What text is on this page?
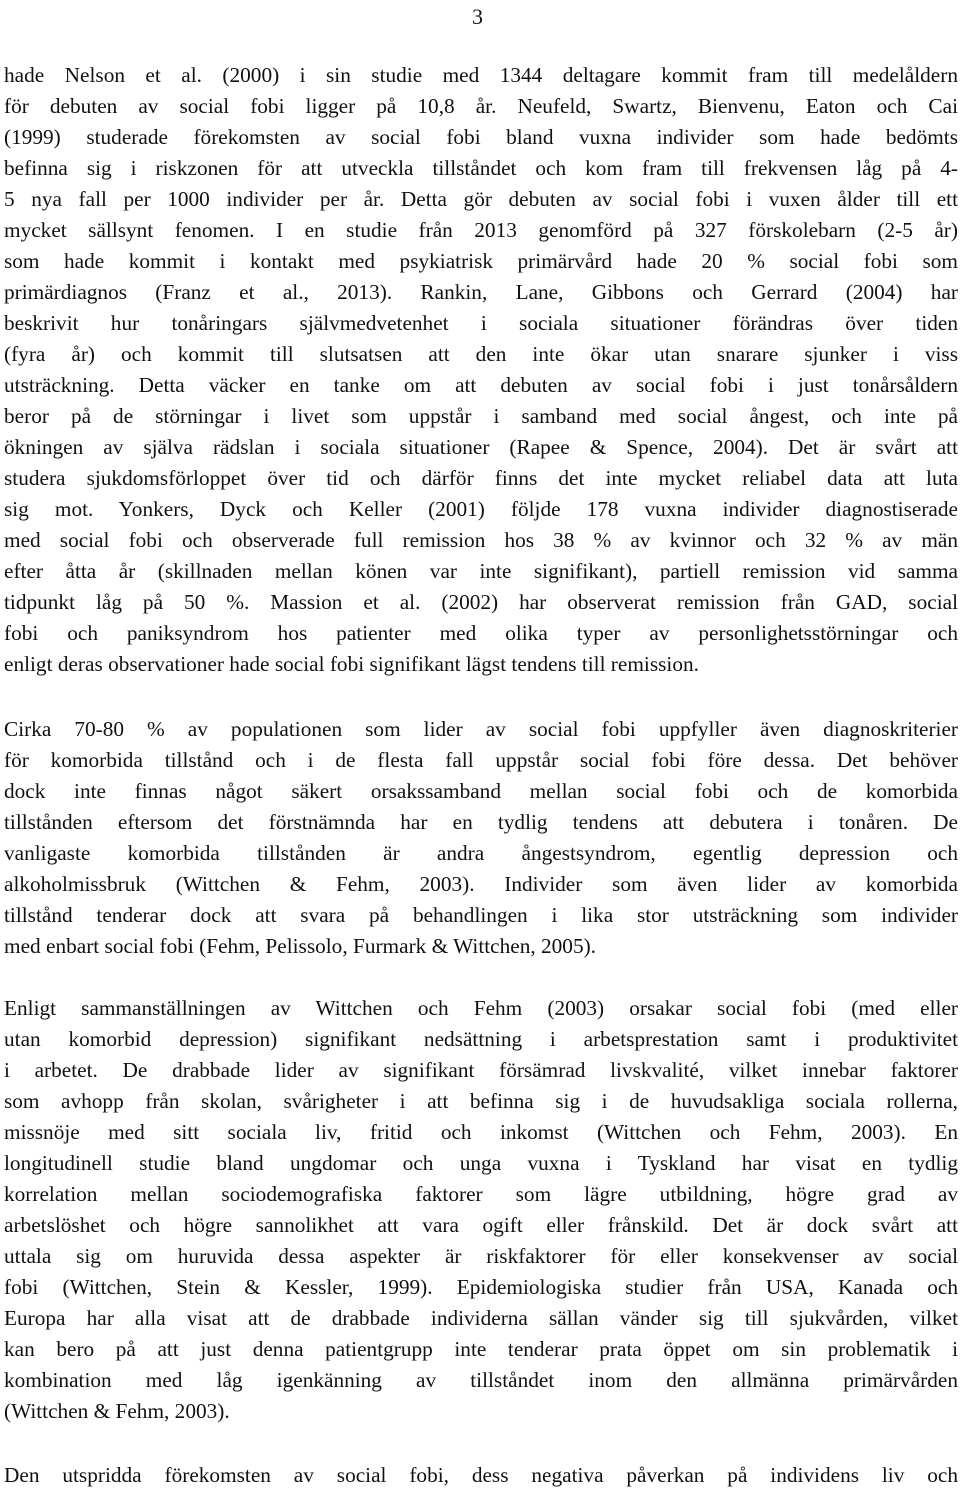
3
hade Nelson et al. (2000) i sin studie med 1344 deltagare kommit fram till medelåldern
för debuten av social fobi ligger på 10,8 år. Neufeld, Swartz, Bienvenu, Eaton och Cai
(1999) studerade förekomsten av social fobi bland vuxna individer som hade bedömts
befinna sig i riskzonen för att utveckla tillståndet och kom fram till frekvensen låg på 4-
5 nya fall per 1000 individer per år. Detta gör debuten av social fobi i vuxen ålder till ett
mycket sällsynt fenomen. I en studie från 2013 genomförd på 327 förskolebarn (2-5 år)
som hade kommit i kontakt med psykiatrisk primärvård hade 20 % social fobi som
primärdiagnos (Franz et al., 2013). Rankin, Lane, Gibbons och Gerrard (2004) har
beskrivit hur tonåringars självmedvetenhet i sociala situationer förändras över tiden
(fyra år) och kommit till slutsatsen att den inte ökar utan snarare sjunker i viss
utsträckning. Detta väcker en tanke om att debuten av social fobi i just tonårsåldern
beror på de störningar i livet som uppstår i samband med social ångest, och inte på
ökningen av själva rädslan i sociala situationer (Rapee & Spence, 2004). Det är svårt att
studera sjukdomsförloppet över tid och därför finns det inte mycket reliabel data att luta
sig mot. Yonkers, Dyck och Keller (2001) följde 178 vuxna individer diagnostiserade
med social fobi och observerade full remission hos 38 % av kvinnor och 32 % av män
efter åtta år (skillnaden mellan könen var inte signifikant), partiell remission vid samma
tidpunkt låg på 50 %. Massion et al. (2002) har observerat remission från GAD, social
fobi och paniksyndrom hos patienter med olika typer av personlighetsstörningar och
enligt deras observationer hade social fobi signifikant lägst tendens till remission.
Cirka 70-80 % av populationen som lider av social fobi uppfyller även diagnoskriterier
för komorbida tillstånd och i de flesta fall uppstår social fobi före dessa. Det behöver
dock inte finnas något säkert orsakssamband mellan social fobi och de komorbida
tillstånden eftersom det förstnämnda har en tydlig tendens att debutera i tonåren. De
vanligaste komorbida tillstånden är andra ångestsyndrom, egentlig depression och
alkoholmissbruk (Wittchen & Fehm, 2003). Individer som även lider av komorbida
tillstånd tenderar dock att svara på behandlingen i lika stor utsträckning som individer
med enbart social fobi (Fehm, Pelissolo, Furmark & Wittchen, 2005).
Enligt sammanställningen av Wittchen och Fehm (2003) orsakar social fobi (med eller
utan komorbid depression) signifikant nedsättning i arbetsprestation samt i produktivitet
i arbetet. De drabbade lider av signifikant försämrad livskvalité, vilket innebar faktorer
som avhopp från skolan, svårigheter i att befinna sig i de huvudsakliga sociala rollerna,
missnöje med sitt sociala liv, fritid och inkomst (Wittchen och Fehm, 2003). En
longitudinell studie bland ungdomar och unga vuxna i Tyskland har visat en tydlig
korrelation mellan sociodemografiska faktorer som lägre utbildning, högre grad av
arbetslöshet och högre sannolikhet att vara ogift eller frånskild. Det är dock svårt att
uttala sig om huruvida dessa aspekter är riskfaktorer för eller konsekvenser av social
fobi (Wittchen, Stein & Kessler, 1999). Epidemiologiska studier från USA, Kanada och
Europa har alla visat att de drabbade individerna sällan vänder sig till sjukvården, vilket
kan bero på att just denna patientgrupp inte tenderar prata öppet om sin problematik i
kombination med låg igenkänning av tillståndet inom den allmänna primärvården
(Wittchen & Fehm, 2003).
Den utspridda förekomsten av social fobi, dess negativa påverkan på individens liv och
